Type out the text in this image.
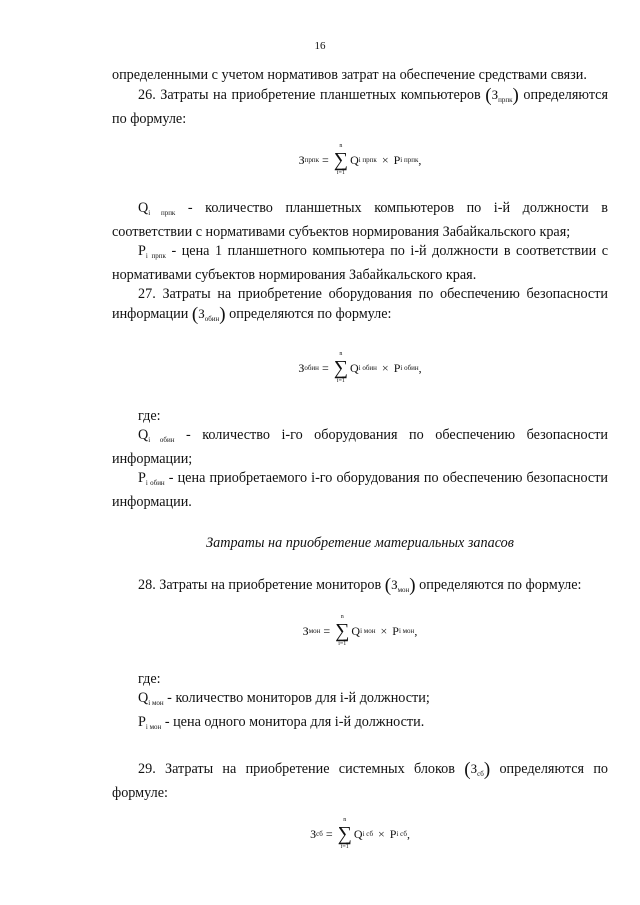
16

определенными с учетом нормативов затрат на обеспечение средствами связи.

26. Затраты на приобретение планшетных компьютеров $(З_{прпк})$ определяются по формуле:

З прпк =
n
∑
i=1
Q i прпк × P i прпк ,

$Q_{i прпк}$ - количество планшетных компьютеров по i-й должности в соответствии с нормативами субъектов нормирования Забайкальского края;

$P_{i прпк}$ - цена 1 планшетного компьютера по i-й должности в соответствии с нормативами субъектов нормирования Забайкальского края.

27. Затраты на приобретение оборудования по обеспечению безопасности информации $(З_{обин})$ определяются по формуле:

З обин =
n
∑
i=1
Q i обин × P i обин ,

где:

$Q_{i обин}$ - количество i-го оборудования по обеспечению безопасности информации;

$P_{i обин}$ - цена приобретаемого i-го оборудования по обеспечению безопасности информации.

Затраты на приобретение материальных запасов

28. Затраты на приобретение мониторов $(З_{мон})$ определяются по формуле:

З мон =
n
∑
i=1
Q i мон × P i мон ,

где:

$Q_{i мон}$ - количество мониторов для i-й должности;

$P_{i мон}$ - цена одного монитора для i-й должности.

29. Затраты на приобретение системных блоков $(З_{сб})$ определяются по формуле:

З сб =
n
∑
i=1
Q i сб × P i сб ,
